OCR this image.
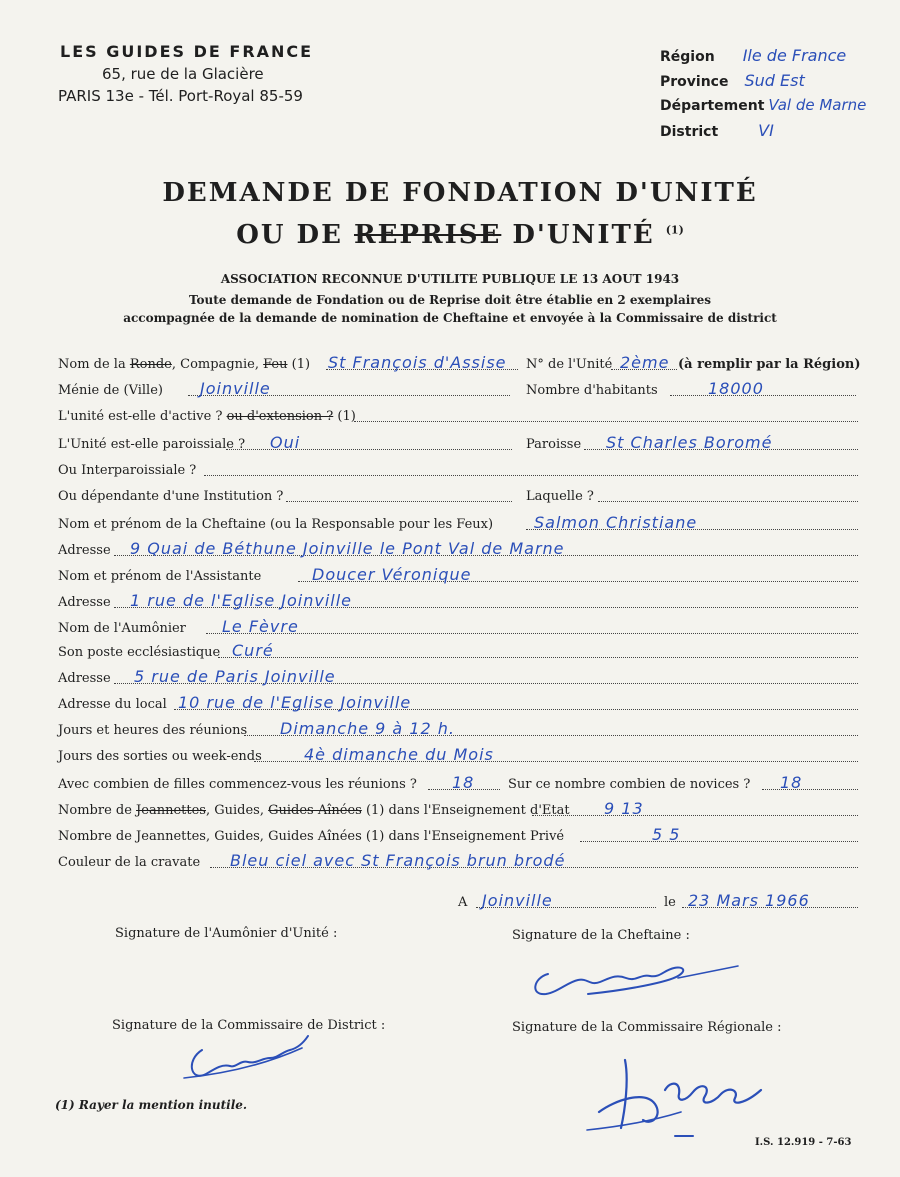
LES GUIDES DE FRANCE
65, rue de la Glacière
PARIS 13e - Tél. Port-Royal 85-59
Région Ile de France
Province Sud Est
Département Val de Marne
District	VI
DEMANDE DE FONDATION D'UNITÉ
OU DE REPRISE D'UNITÉ $^{(1)}$
ASSOCIATION RECONNUE D'UTILITE PUBLIQUE LE 13 AOUT 1943
Toute demande de Fondation ou de Reprise doit être établie en 2 exemplaires
accompagnée de la demande de nomination de Cheftaine et envoyée à la Commissaire de district
Nom de la Ronde, Compagnie, Feu (1) St François d'Assise N° de l'Unité 2ème (à remplir par la Région)
Ménie de (Ville) Joinville	Nombre d'habitants	18000
L'unité est-elle d'active ? ou d'extension ? (1)
L'Unité est-elle paroissiale ? Oui	Paroisse St Charles Boromé
Ou Interparoissiale ?
Ou dépendante d'une Institution ?	Laquelle ?
Nom et prénom de la Cheftaine (ou la Responsable pour les Feux)	Salmon Christiane
Adresse 9 Quai de Béthune Joinville le Pont Val de Marne
Nom et prénom de l'Assistante	Doucer Véronique
Adresse 1 rue de l'Eglise Joinville
Nom de l'Aumônier Le Fèvre
Son poste ecclésiastique Curé
Adresse 5 rue de Paris Joinville
Adresse du local 10 rue de l'Eglise Joinville
Jours et heures des réunions Dimanche 9 à 12 h.
Jours des sorties ou week-ends	4è dimanche du Mois
Avec combien de filles commencez-vous les réunions ? 18	Sur ce nombre combien de novices ? 18
Nombre de Jeannettes, Guides, Guides Aînées (1) dans l'Enseignement d'Etat 9 13
Nombre de Jeannettes, Guides, Guides Aînées (1) dans l'Enseignement Privé	5 5
Couleur de la cravate Bleu ciel avec St François brun brodé
A Joinville	le 23 Mars 1966
Signature de l'Aumônier d'Unité :	Signature de la Cheftaine :
Signature de la Commissaire de District :	Signature de la Commissaire Régionale :
(1) Rayer la mention inutile.
I.S. 12.919 - 7-63
